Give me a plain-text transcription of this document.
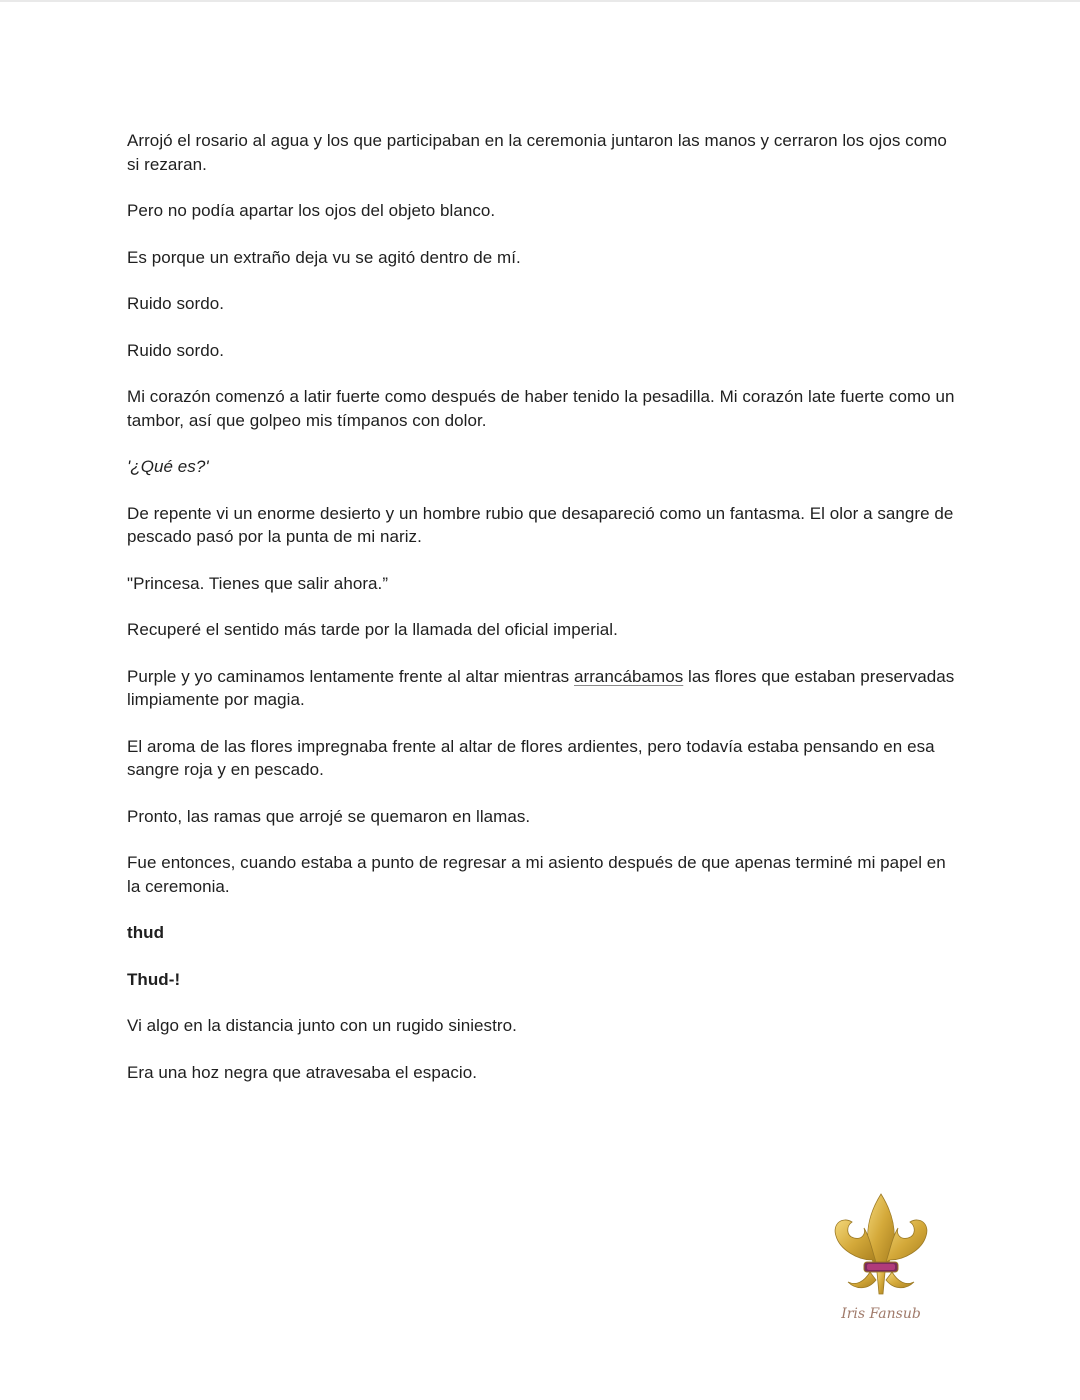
Arrojó el rosario al agua y los que participaban en la ceremonia juntaron las manos y cerraron los ojos como si rezaran.

Pero no podía apartar los ojos del objeto blanco.

Es porque un extraño deja vu se agitó dentro de mí.

Ruido sordo.

Ruido sordo.

Mi corazón comenzó a latir fuerte como después de haber tenido la pesadilla. Mi corazón late fuerte como un tambor, así que golpeo mis tímpanos con dolor.

'¿Qué es?'

De repente vi un enorme desierto y un hombre rubio que desapareció como un fantasma. El olor a sangre de pescado pasó por la punta de mi nariz.

"Princesa. Tienes que salir ahora.”

Recuperé el sentido más tarde por la llamada del oficial imperial.

Purple y yo caminamos lentamente frente al altar mientras arrancábamos las flores que estaban preservadas limpiamente por magia.

El aroma de las flores impregnaba frente al altar de flores ardientes, pero todavía estaba pensando en esa sangre roja y en pescado.

Pronto, las ramas que arrojé se quemaron en llamas.

Fue entonces, cuando estaba a punto de regresar a mi asiento después de que apenas terminé mi papel en la ceremonia.

thud

Thud-!

Vi algo en la distancia junto con un rugido siniestro.

Era una hoz negra que atravesaba el espacio.

Iris Fansub
